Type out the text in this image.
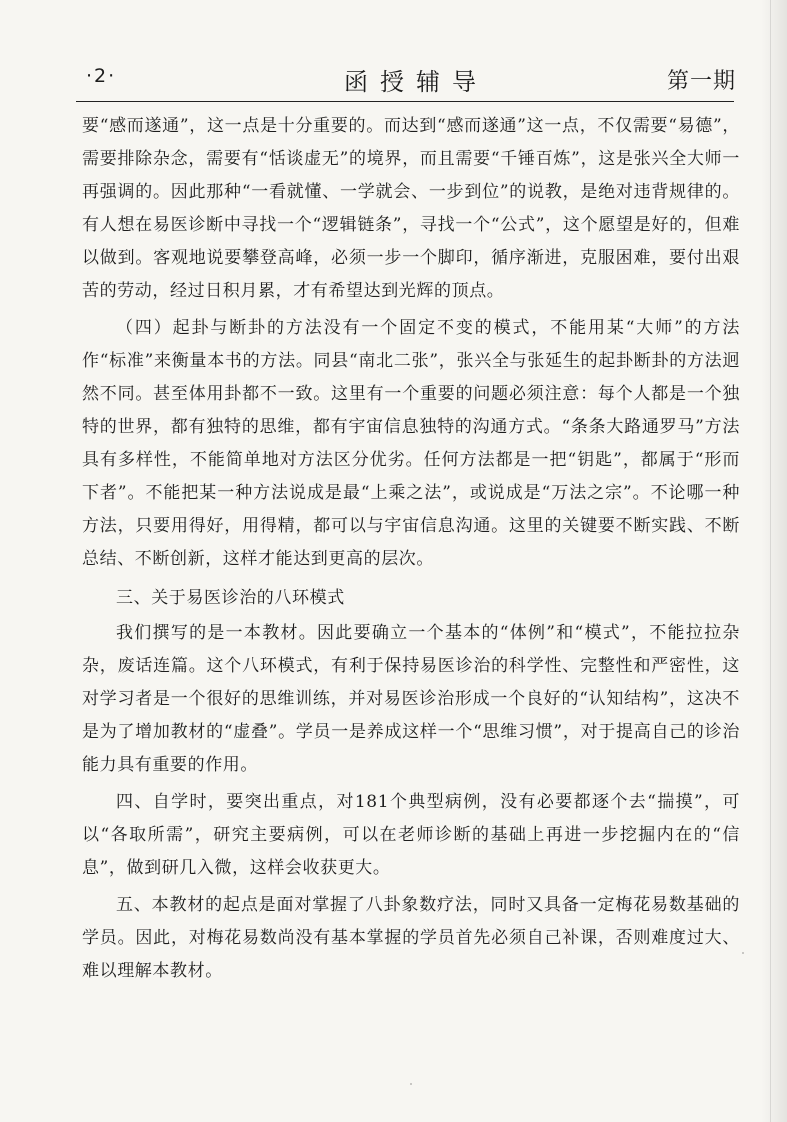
·2·	函授辅导	第一期

要“感而遂通”，这一点是十分重要的。而达到“感而遂通”这一点，不仅需要“易德”，需要排除杂念，需要有“恬谈虚无”的境界，而且需要“千锤百炼”，这是张兴全大师一再强调的。因此那种“一看就懂、一学就会、一步到位”的说教，是绝对违背规律的。有人想在易医诊断中寻找一个“逻辑链条”，寻找一个“公式”，这个愿望是好的，但难以做到。客观地说要攀登高峰，必须一步一个脚印，循序渐进，克服困难，要付出艰苦的劳动，经过日积月累，才有希望达到光辉的顶点。

（四）起卦与断卦的方法没有一个固定不变的模式，不能用某“大师”的方法作“标准”来衡量本书的方法。同县“南北二张”，张兴全与张延生的起卦断卦的方法迥然不同。甚至体用卦都不一致。这里有一个重要的问题必须注意：每个人都是一个独特的世界，都有独特的思维，都有宇宙信息独特的沟通方式。“条条大路通罗马”方法具有多样性，不能简单地对方法区分优劣。任何方法都是一把“钥匙”，都属于“形而下者”。不能把某一种方法说成是最“上乘之法”，或说成是“万法之宗”。不论哪一种方法，只要用得好，用得精，都可以与宇宙信息沟通。这里的关键要不断实践、不断总结、不断创新，这样才能达到更高的层次。

三、关于易医诊治的八环模式

我们撰写的是一本教材。因此要确立一个基本的“体例”和“模式”，不能拉拉杂杂，废话连篇。这个八环模式，有利于保持易医诊治的科学性、完整性和严密性，这对学习者是一个很好的思维训练，并对易医诊治形成一个良好的“认知结构”，这决不是为了增加教材的“虚叠”。学员一是养成这样一个“思维习惯”，对于提高自己的诊治能力具有重要的作用。

四、自学时，要突出重点，对181个典型病例，没有必要都逐个去“揣摸”，可以“各取所需”，研究主要病例，可以在老师诊断的基础上再进一步挖掘内在的“信息”，做到研几入微，这样会收获更大。

五、本教材的起点是面对掌握了八卦象数疗法，同时又具备一定梅花易数基础的学员。因此，对梅花易数尚没有基本掌握的学员首先必须自己补课，否则难度过大、难以理解本教材。
